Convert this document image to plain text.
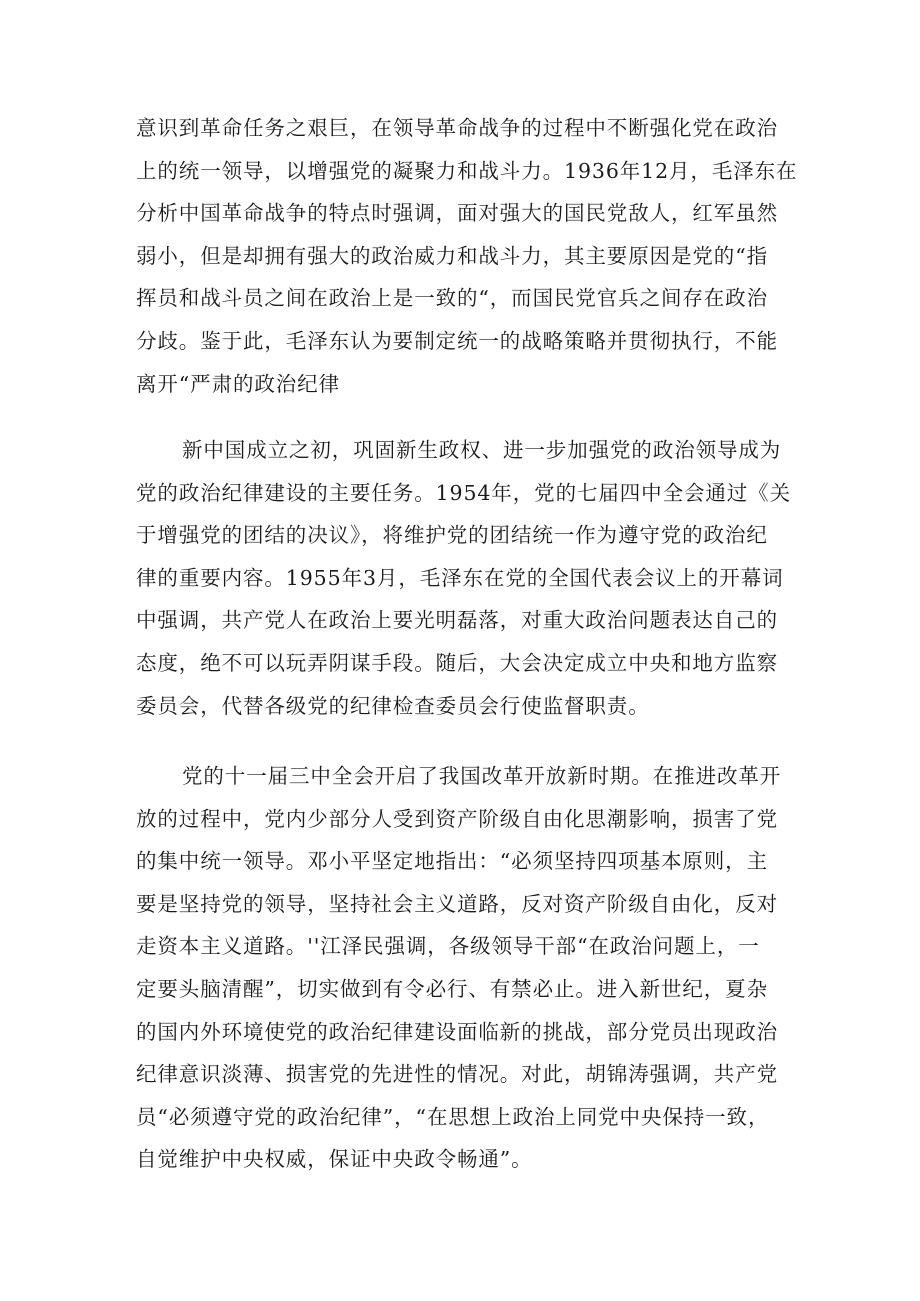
意识到革命任务之艰巨，在领导革命战争的过程中不断强化党在政治
上的统一领导，以增强党的凝聚力和战斗力。1936年12月，毛泽东在
分析中国革命战争的特点时强调，面对强大的国民党敌人，红军虽然
弱小，但是却拥有强大的政治威力和战斗力，其主要原因是党的“指
挥员和战斗员之间在政治上是一致的“，而国民党官兵之间存在政治
分歧。鉴于此，毛泽东认为要制定统一的战略策略并贯彻执行，不能
离开“严肃的政治纪律
新中国成立之初，巩固新生政权、进一步加强党的政治领导成为
党的政治纪律建设的主要任务。1954年，党的七届四中全会通过《关
于增强党的团结的决议》，将维护党的团结统一作为遵守党的政治纪
律的重要内容。1955年3月，毛泽东在党的全国代表会议上的开幕词
中强调，共产党人在政治上要光明磊落，对重大政治问题表达自己的
态度，绝不可以玩弄阴谋手段。随后，大会决定成立中央和地方监察
委员会，代替各级党的纪律检查委员会行使监督职责。
党的十一届三中全会开启了我国改革开放新时期。在推进改革开
放的过程中，党内少部分人受到资产阶级自由化思潮影响，损害了党
的集中统一领导。邓小平坚定地指出：“必须坚持四项基本原则，主
要是坚持党的领导，坚持社会主义道路，反对资产阶级自由化，反对
走资本主义道路。''江泽民强调，各级领导干部“在政治问题上，一
定要头脑清醒”，切实做到有令必行、有禁必止。进入新世纪，夏杂
的国内外环境使党的政治纪律建设面临新的挑战，部分党员出现政治
纪律意识淡薄、损害党的先进性的情况。对此，胡锦涛强调，共产党
员“必须遵守党的政治纪律”，“在思想上政治上同党中央保持一致，
自觉维护中央权威，保证中央政令畅通”。
